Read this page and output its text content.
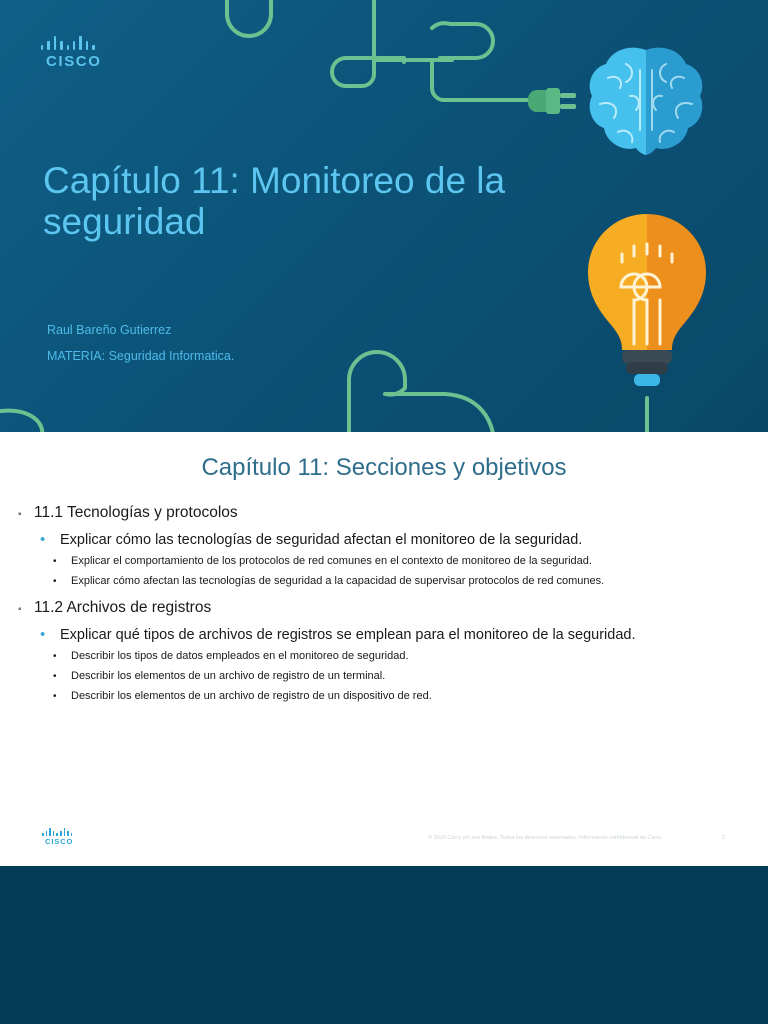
CISCO
Capítulo 11: Monitoreo de la seguridad

Raul Bareño Gutierrez

MATERIA: Seguridad Informatica.

Capítulo 11: Secciones y objetivos
▪ 11.1 Tecnologías y protocolos
•	Explicar cómo las tecnologías de seguridad afectan el monitoreo de la seguridad.
•	Explicar el comportamiento de los protocolos de red comunes en el contexto de monitoreo de la seguridad.
•	Explicar cómo afectan las tecnologías de seguridad a la capacidad de supervisar protocolos de red comunes.
▪ 11.2 Archivos de registros
•	Explicar qué tipos de archivos de registros se emplean para el monitoreo de la seguridad.
•	Describir los tipos de datos empleados en el monitoreo de seguridad.
•	Describir los elementos de un archivo de registro de un terminal.
•	Describir los elementos de un archivo de registro de un dispositivo de red.
CISCO	© 2016 Cisco y/o sus filiales. Todos los derechos reservados. Información confidencial de Cisco.	2
